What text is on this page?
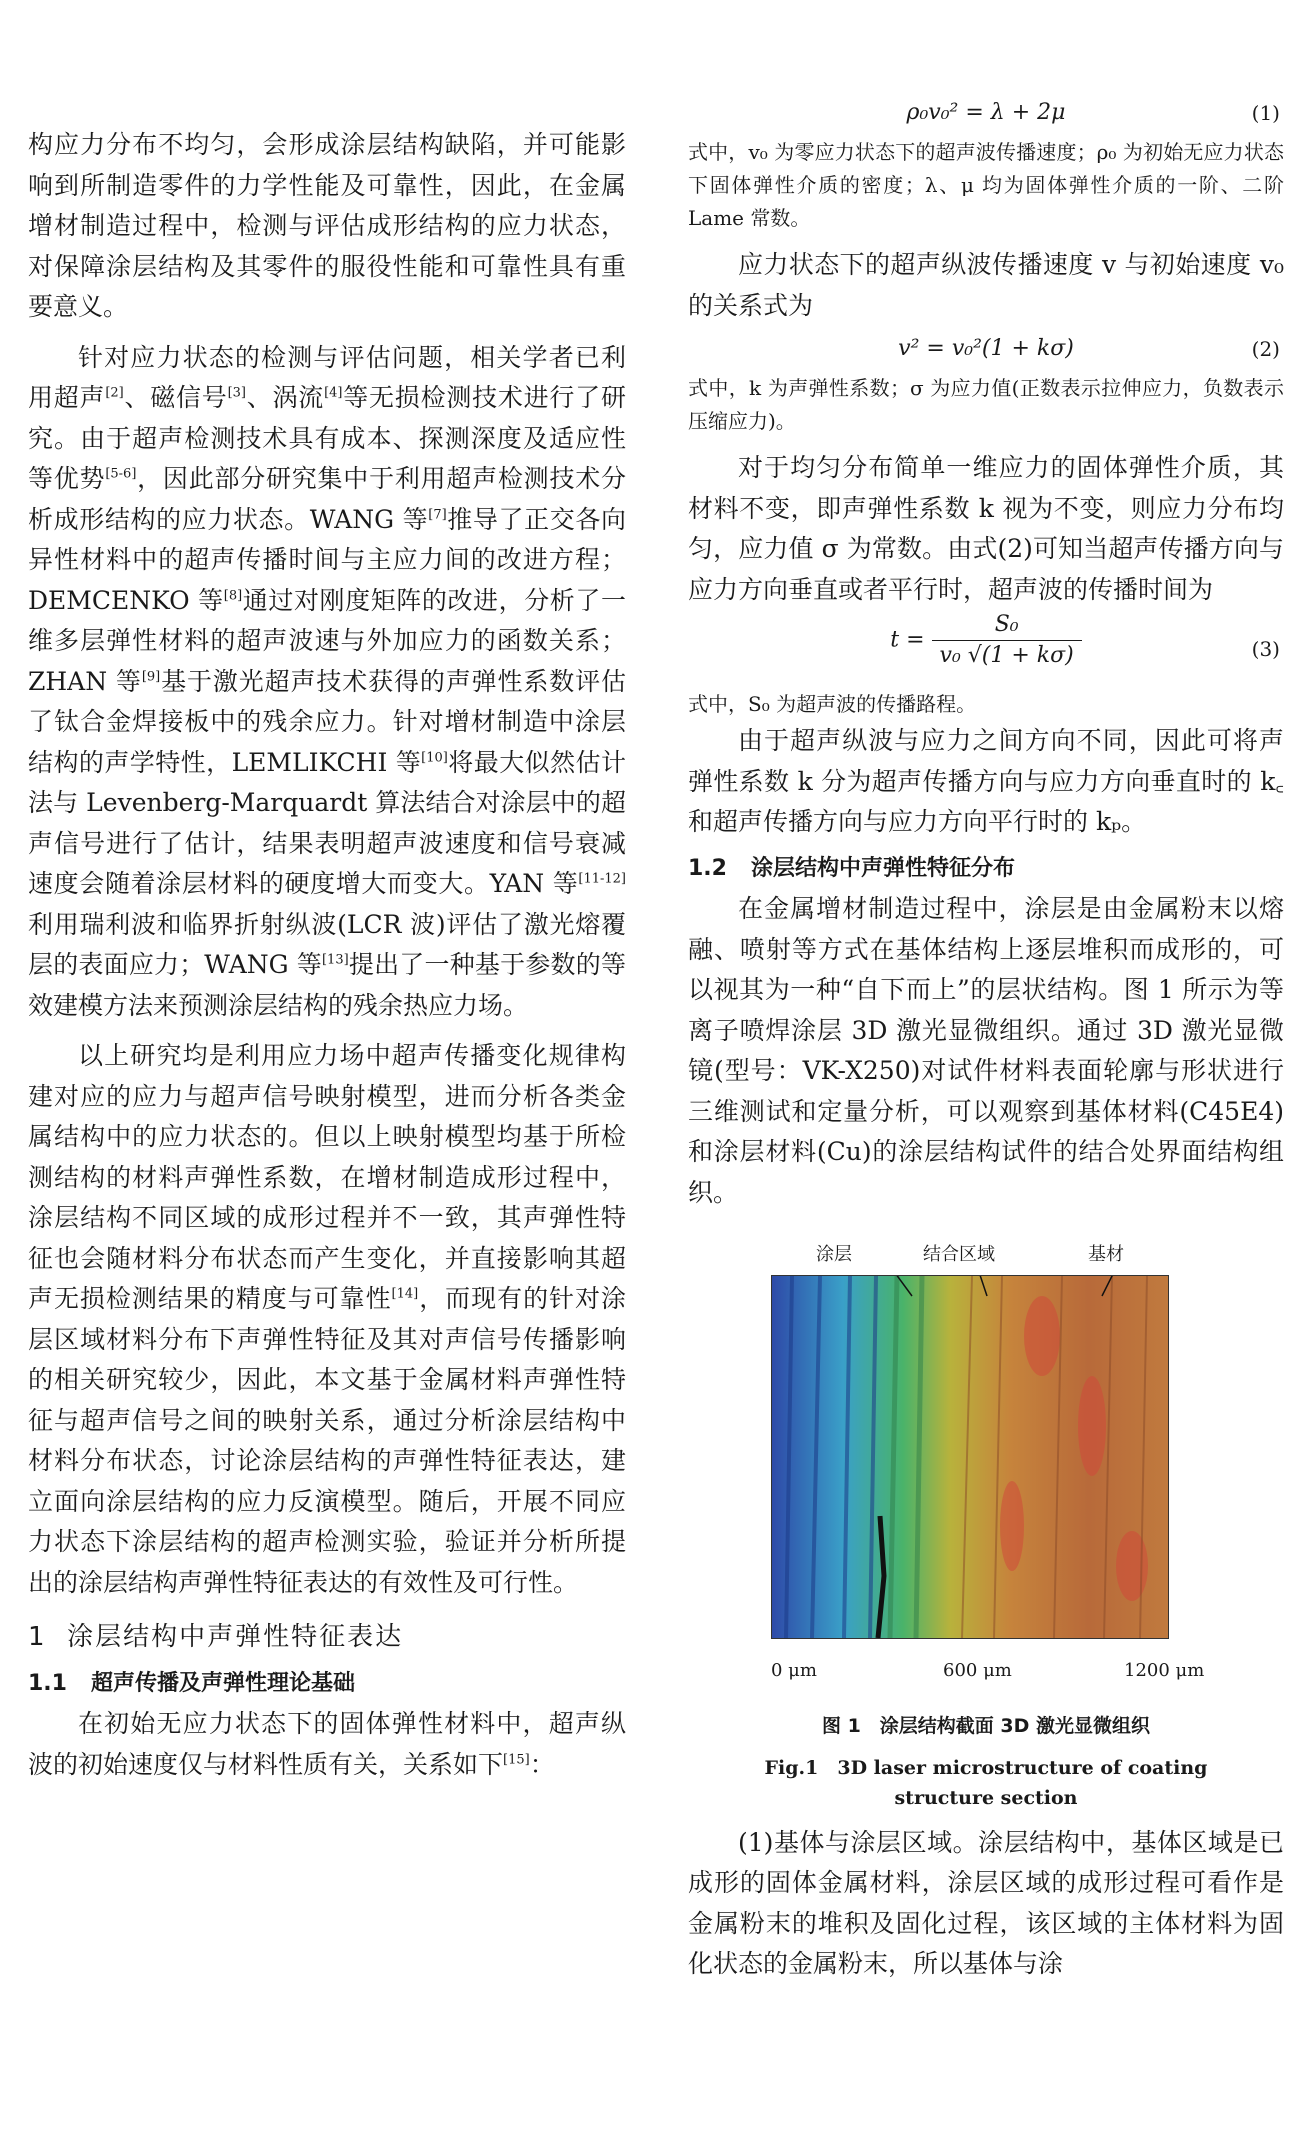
构应力分布不均匀，会形成涂层结构缺陷，并可能影响到所制造零件的力学性能及可靠性，因此，在金属增材制造过程中，检测与评估成形结构的应力状态，对保障涂层结构及其零件的服役性能和可靠性具有重要意义。

针对应力状态的检测与评估问题，相关学者已利用超声[2]、磁信号[3]、涡流[4]等无损检测技术进行了研究。由于超声检测技术具有成本、探测深度及适应性等优势[5-6]，因此部分研究集中于利用超声检测技术分析成形结构的应力状态。WANG 等[7]推导了正交各向异性材料中的超声传播时间与主应力间的改进方程；DEMCENKO 等[8]通过对刚度矩阵的改进，分析了一维多层弹性材料的超声波速与外加应力的函数关系；ZHAN 等[9]基于激光超声技术获得的声弹性系数评估了钛合金焊接板中的残余应力。针对增材制造中涂层结构的声学特性，LEMLIKCHI 等[10]将最大似然估计法与 Levenberg-Marquardt 算法结合对涂层中的超声信号进行了估计，结果表明超声波速度和信号衰减速度会随着涂层材料的硬度增大而变大。YAN 等[11-12]利用瑞利波和临界折射纵波(LCR 波)评估了激光熔覆层的表面应力；WANG 等[13]提出了一种基于参数的等效建模方法来预测涂层结构的残余热应力场。

以上研究均是利用应力场中超声传播变化规律构建对应的应力与超声信号映射模型，进而分析各类金属结构中的应力状态的。但以上映射模型均基于所检测结构的材料声弹性系数，在增材制造成形过程中，涂层结构不同区域的成形过程并不一致，其声弹性特征也会随材料分布状态而产生变化，并直接影响其超声无损检测结果的精度与可靠性[14]，而现有的针对涂层区域材料分布下声弹性特征及其对声信号传播影响的相关研究较少，因此，本文基于金属材料声弹性特征与超声信号之间的映射关系，通过分析涂层结构中材料分布状态，讨论涂层结构的声弹性特征表达，建立面向涂层结构的应力反演模型。随后，开展不同应力状态下涂层结构的超声检测实验，验证并分析所提出的涂层结构声弹性特征表达的有效性及可行性。

1 涂层结构中声弹性特征表达
1.1 超声传播及声弹性理论基础

在初始无应力状态下的固体弹性材料中，超声纵波的初始速度仅与材料性质有关，关系如下[15]：

ρ₀v₀² = λ + 2μ	(1)

式中，v₀ 为零应力状态下的超声波传播速度；ρ₀ 为初始无应力状态下固体弹性介质的密度；λ、μ 均为固体弹性介质的一阶、二阶 Lame 常数。

应力状态下的超声纵波传播速度 v 与初始速度 v₀ 的关系式为

v² = v₀²(1 + kσ)	(2)

式中，k 为声弹性系数；σ 为应力值(正数表示拉伸应力，负数表示压缩应力)。

对于均匀分布简单一维应力的固体弹性介质，其材料不变，即声弹性系数 k 视为不变，则应力分布均匀，应力值 σ 为常数。由式(2)可知当超声传播方向与应力方向垂直或者平行时，超声波的传播时间为

$t = \frac{\text{S₀}}{\text{v₀ √(1 + kσ)}}$	(3)

式中，S₀ 为超声波的传播路程。

由于超声纵波与应力之间方向不同，因此可将声弹性系数 k 分为超声传播方向与应力方向垂直时的 k꜀ 和超声传播方向与应力方向平行时的 kₚ。

1.2 涂层结构中声弹性特征分布

在金属增材制造过程中，涂层是由金属粉末以熔融、喷射等方式在基体结构上逐层堆积而成形的，可以视其为一种“自下而上”的层状结构。图 1 所示为等离子喷焊涂层 3D 激光显微组织。通过 3D 激光显微镜(型号：VK-X250)对试件材料表面轮廓与形状进行三维测试和定量分析，可以观察到基体材料(C45E4)和涂层材料(Cu)的涂层结构试件的结合处界面结构组织。

涂层	结合区域	基材
0 μm	600 μm	1200 μm
图 1　涂层结构截面 3D 激光显微组织
Fig.1　3D laser microstructure of coating
structure section

(1)基体与涂层区域。涂层结构中，基体区域是已成形的固体金属材料，涂层区域的成形过程可看作是金属粉末的堆积及固化过程，该区域的主体材料为固化状态的金属粉末，所以基体与涂
